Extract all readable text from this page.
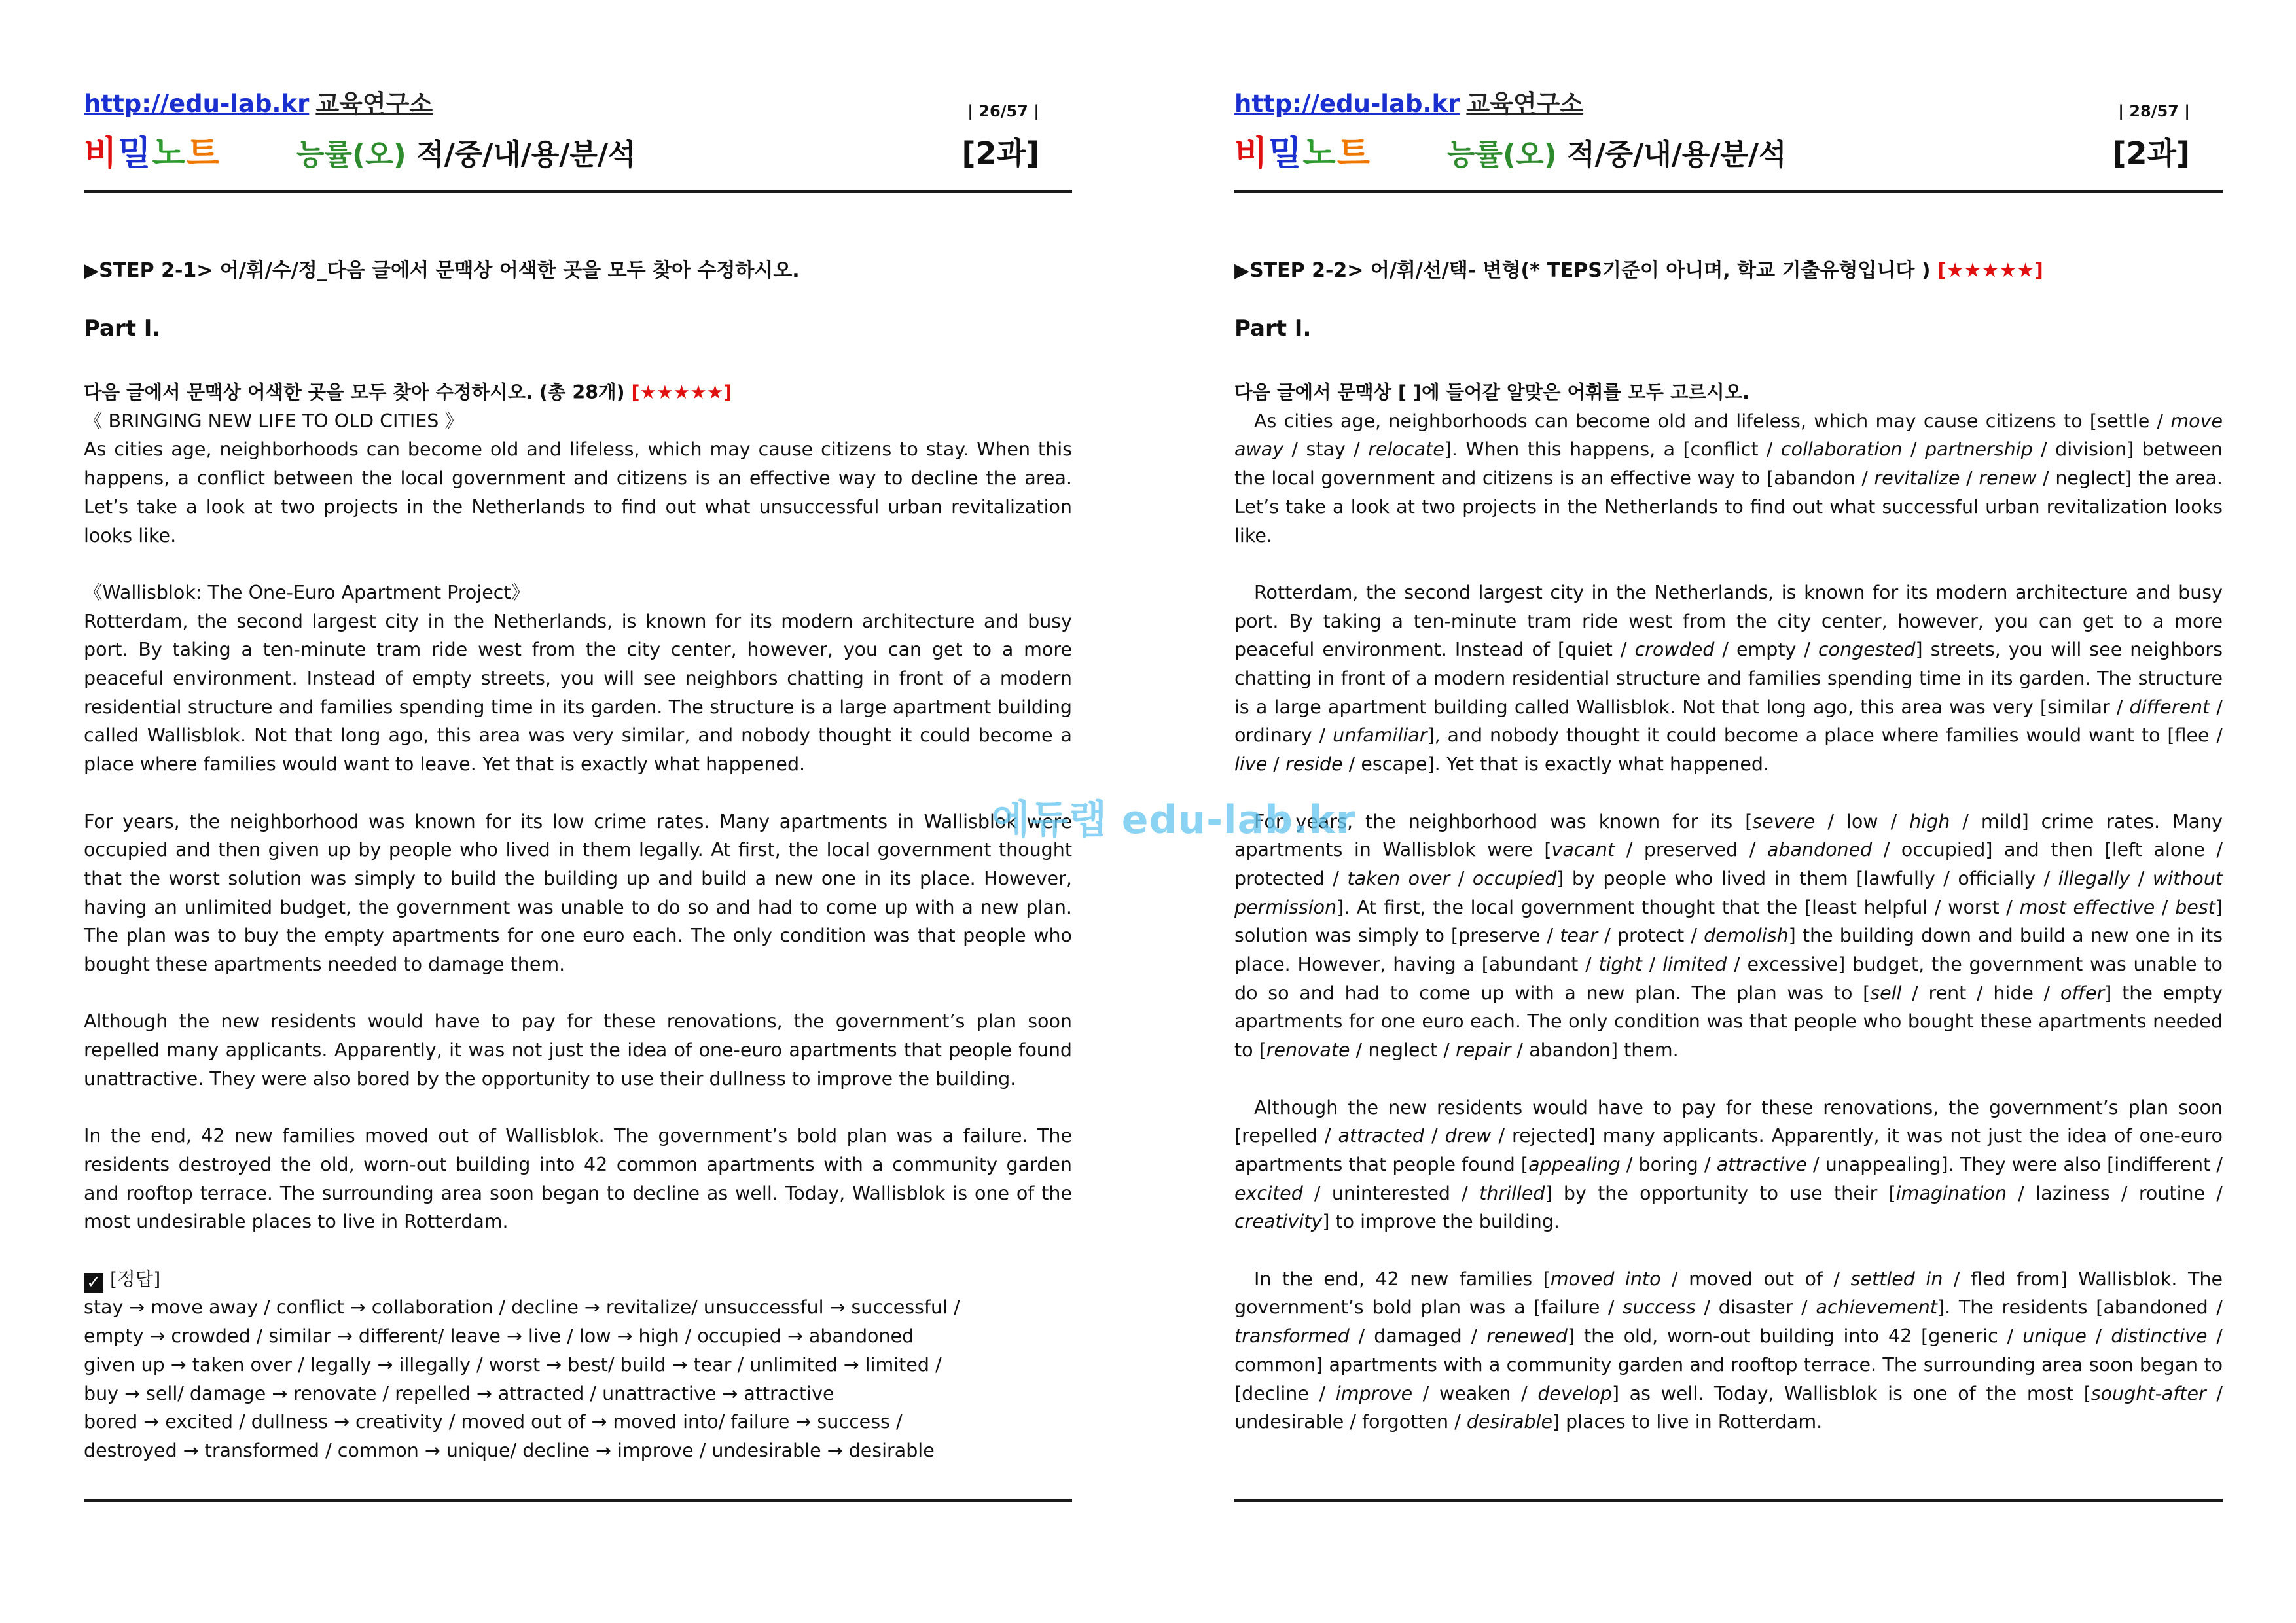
http://edu-lab.kr 교육연구소	| 26/57 |
비밀노트	능률(오) 적/중/내/용/분/석	[2과]
▶STEP 2-1> 어/휘/수/정_다음 글에서 문맥상 어색한 곳을 모두 찾아 수정하시오.
Part Ⅰ.

다음 글에서 문맥상 어색한 곳을 모두 찾아 수정하시오. (총 28개) [★★★★★]

《 BRINGING NEW LIFE TO OLD CITIES 》

As cities age, neighborhoods can become old and lifeless, which may cause citizens to stay. When this happens, a conflict between the local government and citizens is an effective way to decline the area. Let’s take a look at two projects in the Netherlands to find out what unsuccessful urban revitalization looks like.

《Wallisblok: The One-Euro Apartment Project》

Rotterdam, the second largest city in the Netherlands, is known for its modern architecture and busy port. By taking a ten-minute tram ride west from the city center, however, you can get to a more peaceful environment. Instead of empty streets, you will see neighbors chatting in front of a modern residential structure and families spending time in its garden. The structure is a large apartment building called Wallisblok. Not that long ago, this area was very similar, and nobody thought it could become a place where families would want to leave. Yet that is exactly what happened.

For years, the neighborhood was known for its low crime rates. Many apartments in Wallisblok were occupied and then given up by people who lived in them legally. At first, the local government thought that the worst solution was simply to build the building up and build a new one in its place. However, having an unlimited budget, the government was unable to do so and had to come up with a new plan. The plan was to buy the empty apartments for one euro each. The only condition was that people who bought these apartments needed to damage them.

Although the new residents would have to pay for these renovations, the government’s plan soon repelled many applicants. Apparently, it was not just the idea of one-euro apartments that people found unattractive. They were also bored by the opportunity to use their dullness to improve the building.

In the end, 42 new families moved out of Wallisblok. The government’s bold plan was a failure. The residents destroyed the old, worn-out building into 42 common apartments with a community garden and rooftop terrace. The surrounding area soon began to decline as well. Today, Wallisblok is one of the most undesirable places to live in Rotterdam.

✓ [정답]
stay → move away / conflict → collaboration / decline → revitalize/ unsuccessful → successful /
empty → crowded / similar → different/ leave → live / low → high / occupied → abandoned
given up → taken over / legally → illegally / worst → best/ build → tear / unlimited → limited /
buy → sell/ damage → renovate / repelled → attracted / unattractive → attractive
bored → excited / dullness → creativity / moved out of → moved into/ failure → success /
destroyed → transformed / common → unique/ decline → improve / undesirable → desirable
http://edu-lab.kr 교육연구소	| 28/57 |
비밀노트	능률(오) 적/중/내/용/분/석	[2과]
▶STEP 2-2> 어/휘/선/택- 변형(* TEPS기준이 아니며, 학교 기출유형입니다 ) [★★★★★]
Part Ⅰ.

다음 글에서 문맥상 [ ]에 들어갈 알맞은 어휘를 모두 고르시오.

As cities age, neighborhoods can become old and lifeless, which may cause citizens to [settle / move away / stay / relocate]. When this happens, a [conflict / collaboration / partnership / division] between the local government and citizens is an effective way to [abandon / revitalize / renew / neglect] the area. Let’s take a look at two projects in the Netherlands to find out what successful urban revitalization looks like.

Rotterdam, the second largest city in the Netherlands, is known for its modern architecture and busy port. By taking a ten-minute tram ride west from the city center, however, you can get to a more peaceful environment. Instead of [quiet / crowded / empty / congested] streets, you will see neighbors chatting in front of a modern residential structure and families spending time in its garden. The structure is a large apartment building called Wallisblok. Not that long ago, this area was very [similar / different / ordinary / unfamiliar], and nobody thought it could become a place where families would want to [flee / live / reside / escape]. Yet that is exactly what happened.

For years, the neighborhood was known for its [severe / low / high / mild] crime rates. Many apartments in Wallisblok were [vacant / preserved / abandoned / occupied] and then [left alone / protected / taken over / occupied] by people who lived in them [lawfully / officially / illegally / without permission]. At first, the local government thought that the [least helpful / worst / most effective / best] solution was simply to [preserve / tear / protect / demolish] the building down and build a new one in its place. However, having a [abundant / tight / limited / excessive] budget, the government was unable to do so and had to come up with a new plan. The plan was to [sell / rent / hide / offer] the empty apartments for one euro each. The only condition was that people who bought these apartments needed to [renovate / neglect / repair / abandon] them.

Although the new residents would have to pay for these renovations, the government’s plan soon [repelled / attracted / drew / rejected] many applicants. Apparently, it was not just the idea of one-euro apartments that people found [appealing / boring / attractive / unappealing]. They were also [indifferent / excited / uninterested / thrilled] by the opportunity to use their [imagination / laziness / routine / creativity] to improve the building.

In the end, 42 new families [moved into / moved out of / settled in / fled from] Wallisblok. The government’s bold plan was a [failure / success / disaster / achievement]. The residents [abandoned / transformed / damaged / renewed] the old, worn-out building into 42 [generic / unique / distinctive / common] apartments with a community garden and rooftop terrace. The surrounding area soon began to [decline / improve / weaken / develop] as well. Today, Wallisblok is one of the most [sought-after / undesirable / forgotten / desirable] places to live in Rotterdam.

에듀랩 edu-lab.kr
